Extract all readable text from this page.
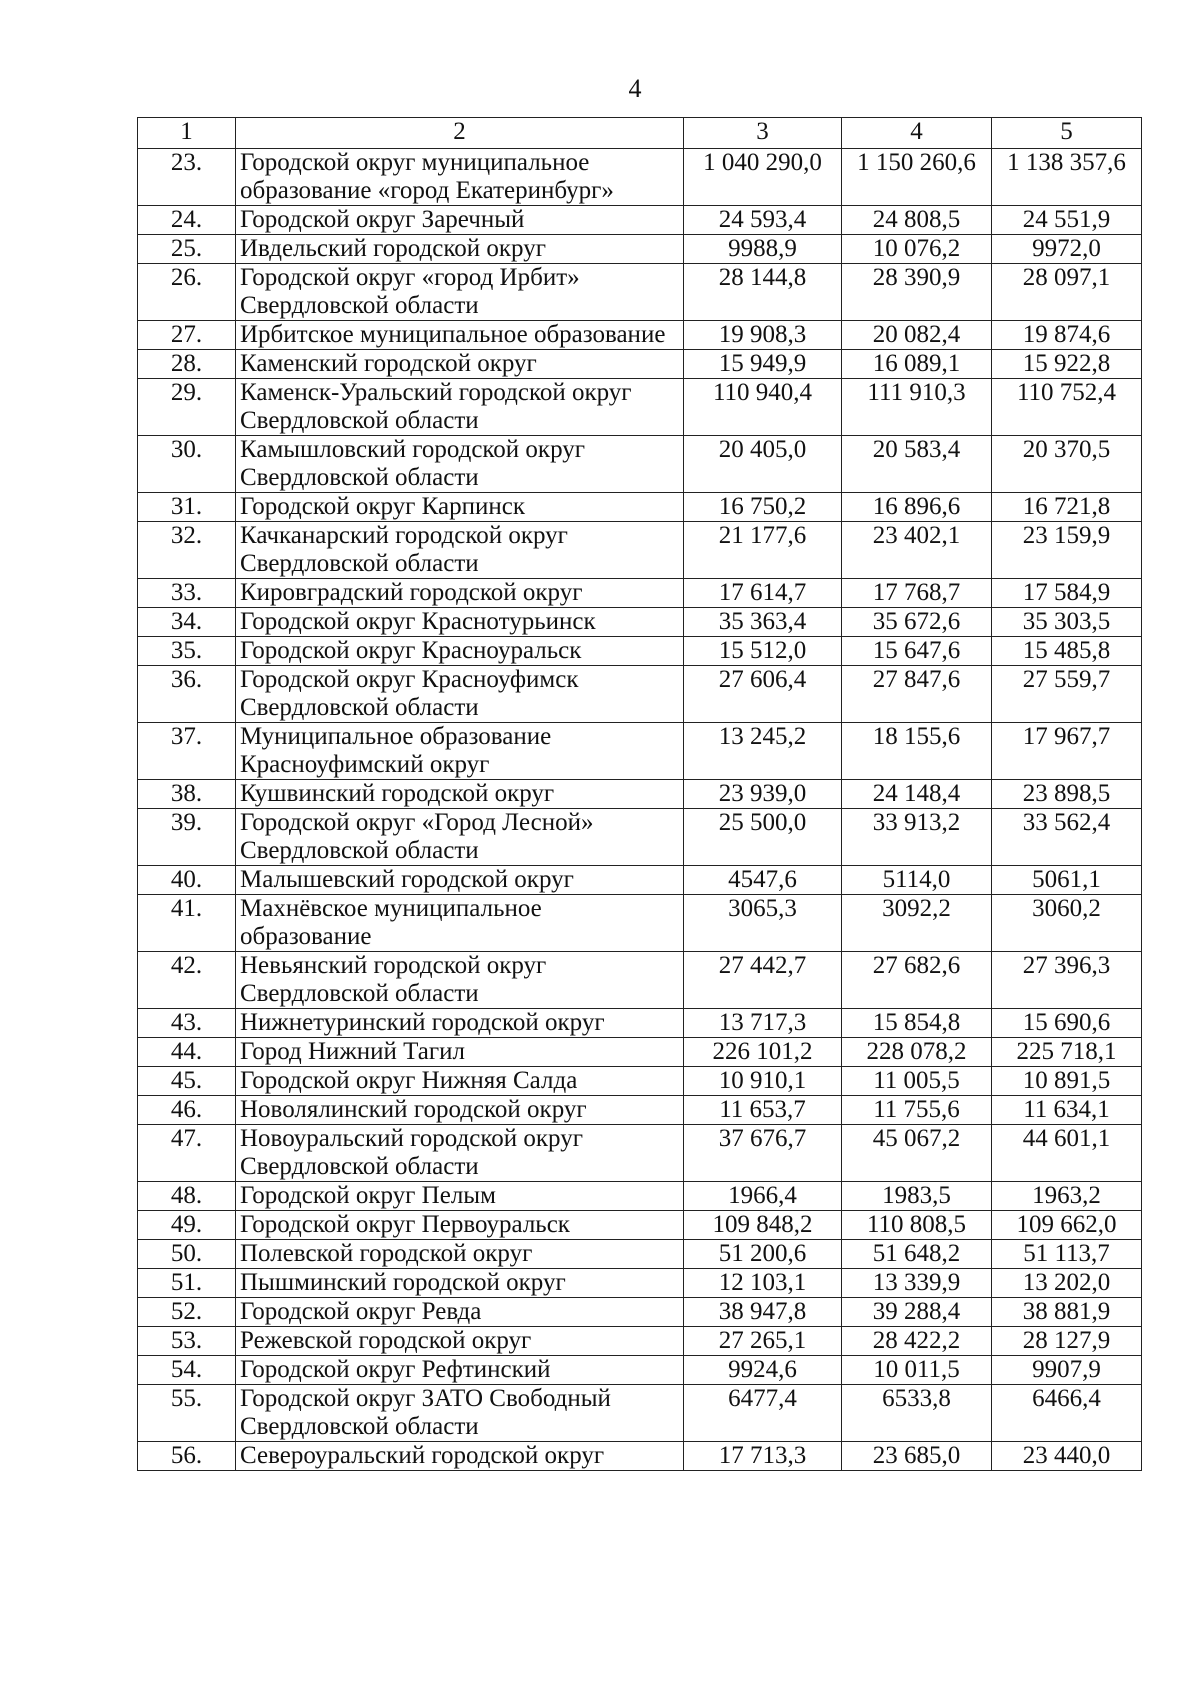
4
1	2	3	4	5
23.	Городской округ муниципальное образование «город Екатеринбург»	1 040 290,0	1 150 260,6	1 138 357,6
24.	Городской округ Заречный	24 593,4	24 808,5	24 551,9
25.	Ивдельский городской округ	9988,9	10 076,2	9972,0
26.	Городской округ «город Ирбит» Свердловской области	28 144,8	28 390,9	28 097,1
27.	Ирбитское муниципальное образование	19 908,3	20 082,4	19 874,6
28.	Каменский городской округ	15 949,9	16 089,1	15 922,8
29.	Каменск-Уральский городской округ Свердловской области	110 940,4	111 910,3	110 752,4
30.	Камышловский городской округ Свердловской области	20 405,0	20 583,4	20 370,5
31.	Городской округ Карпинск	16 750,2	16 896,6	16 721,8
32.	Качканарский городской округ Свердловской области	21 177,6	23 402,1	23 159,9
33.	Кировградский городской округ	17 614,7	17 768,7	17 584,9
34.	Городской округ Краснотурьинск	35 363,4	35 672,6	35 303,5
35.	Городской округ Красноуральск	15 512,0	15 647,6	15 485,8
36.	Городской округ Красноуфимск Свердловской области	27 606,4	27 847,6	27 559,7
37.	Муниципальное образование Красноуфимский округ	13 245,2	18 155,6	17 967,7
38.	Кушвинский городской округ	23 939,0	24 148,4	23 898,5
39.	Городской округ «Город Лесной» Свердловской области	25 500,0	33 913,2	33 562,4
40.	Малышевский городской округ	4547,6	5114,0	5061,1
41.	Махнёвское муниципальное образование	3065,3	3092,2	3060,2
42.	Невьянский городской округ Свердловской области	27 442,7	27 682,6	27 396,3
43.	Нижнетуринский городской округ	13 717,3	15 854,8	15 690,6
44.	Город Нижний Тагил	226 101,2	228 078,2	225 718,1
45.	Городской округ Нижняя Салда	10 910,1	11 005,5	10 891,5
46.	Новолялинский городской округ	11 653,7	11 755,6	11 634,1
47.	Новоуральский городской округ Свердловской области	37 676,7	45 067,2	44 601,1
48.	Городской округ Пелым	1966,4	1983,5	1963,2
49.	Городской округ Первоуральск	109 848,2	110 808,5	109 662,0
50.	Полевской городской округ	51 200,6	51 648,2	51 113,7
51.	Пышминский городской округ	12 103,1	13 339,9	13 202,0
52.	Городской округ Ревда	38 947,8	39 288,4	38 881,9
53.	Режевской городской округ	27 265,1	28 422,2	28 127,9
54.	Городской округ Рефтинский	9924,6	10 011,5	9907,9
55.	Городской округ ЗАТО Свободный Свердловской области	6477,4	6533,8	6466,4
56.	Североуральский городской округ	17 713,3	23 685,0	23 440,0
